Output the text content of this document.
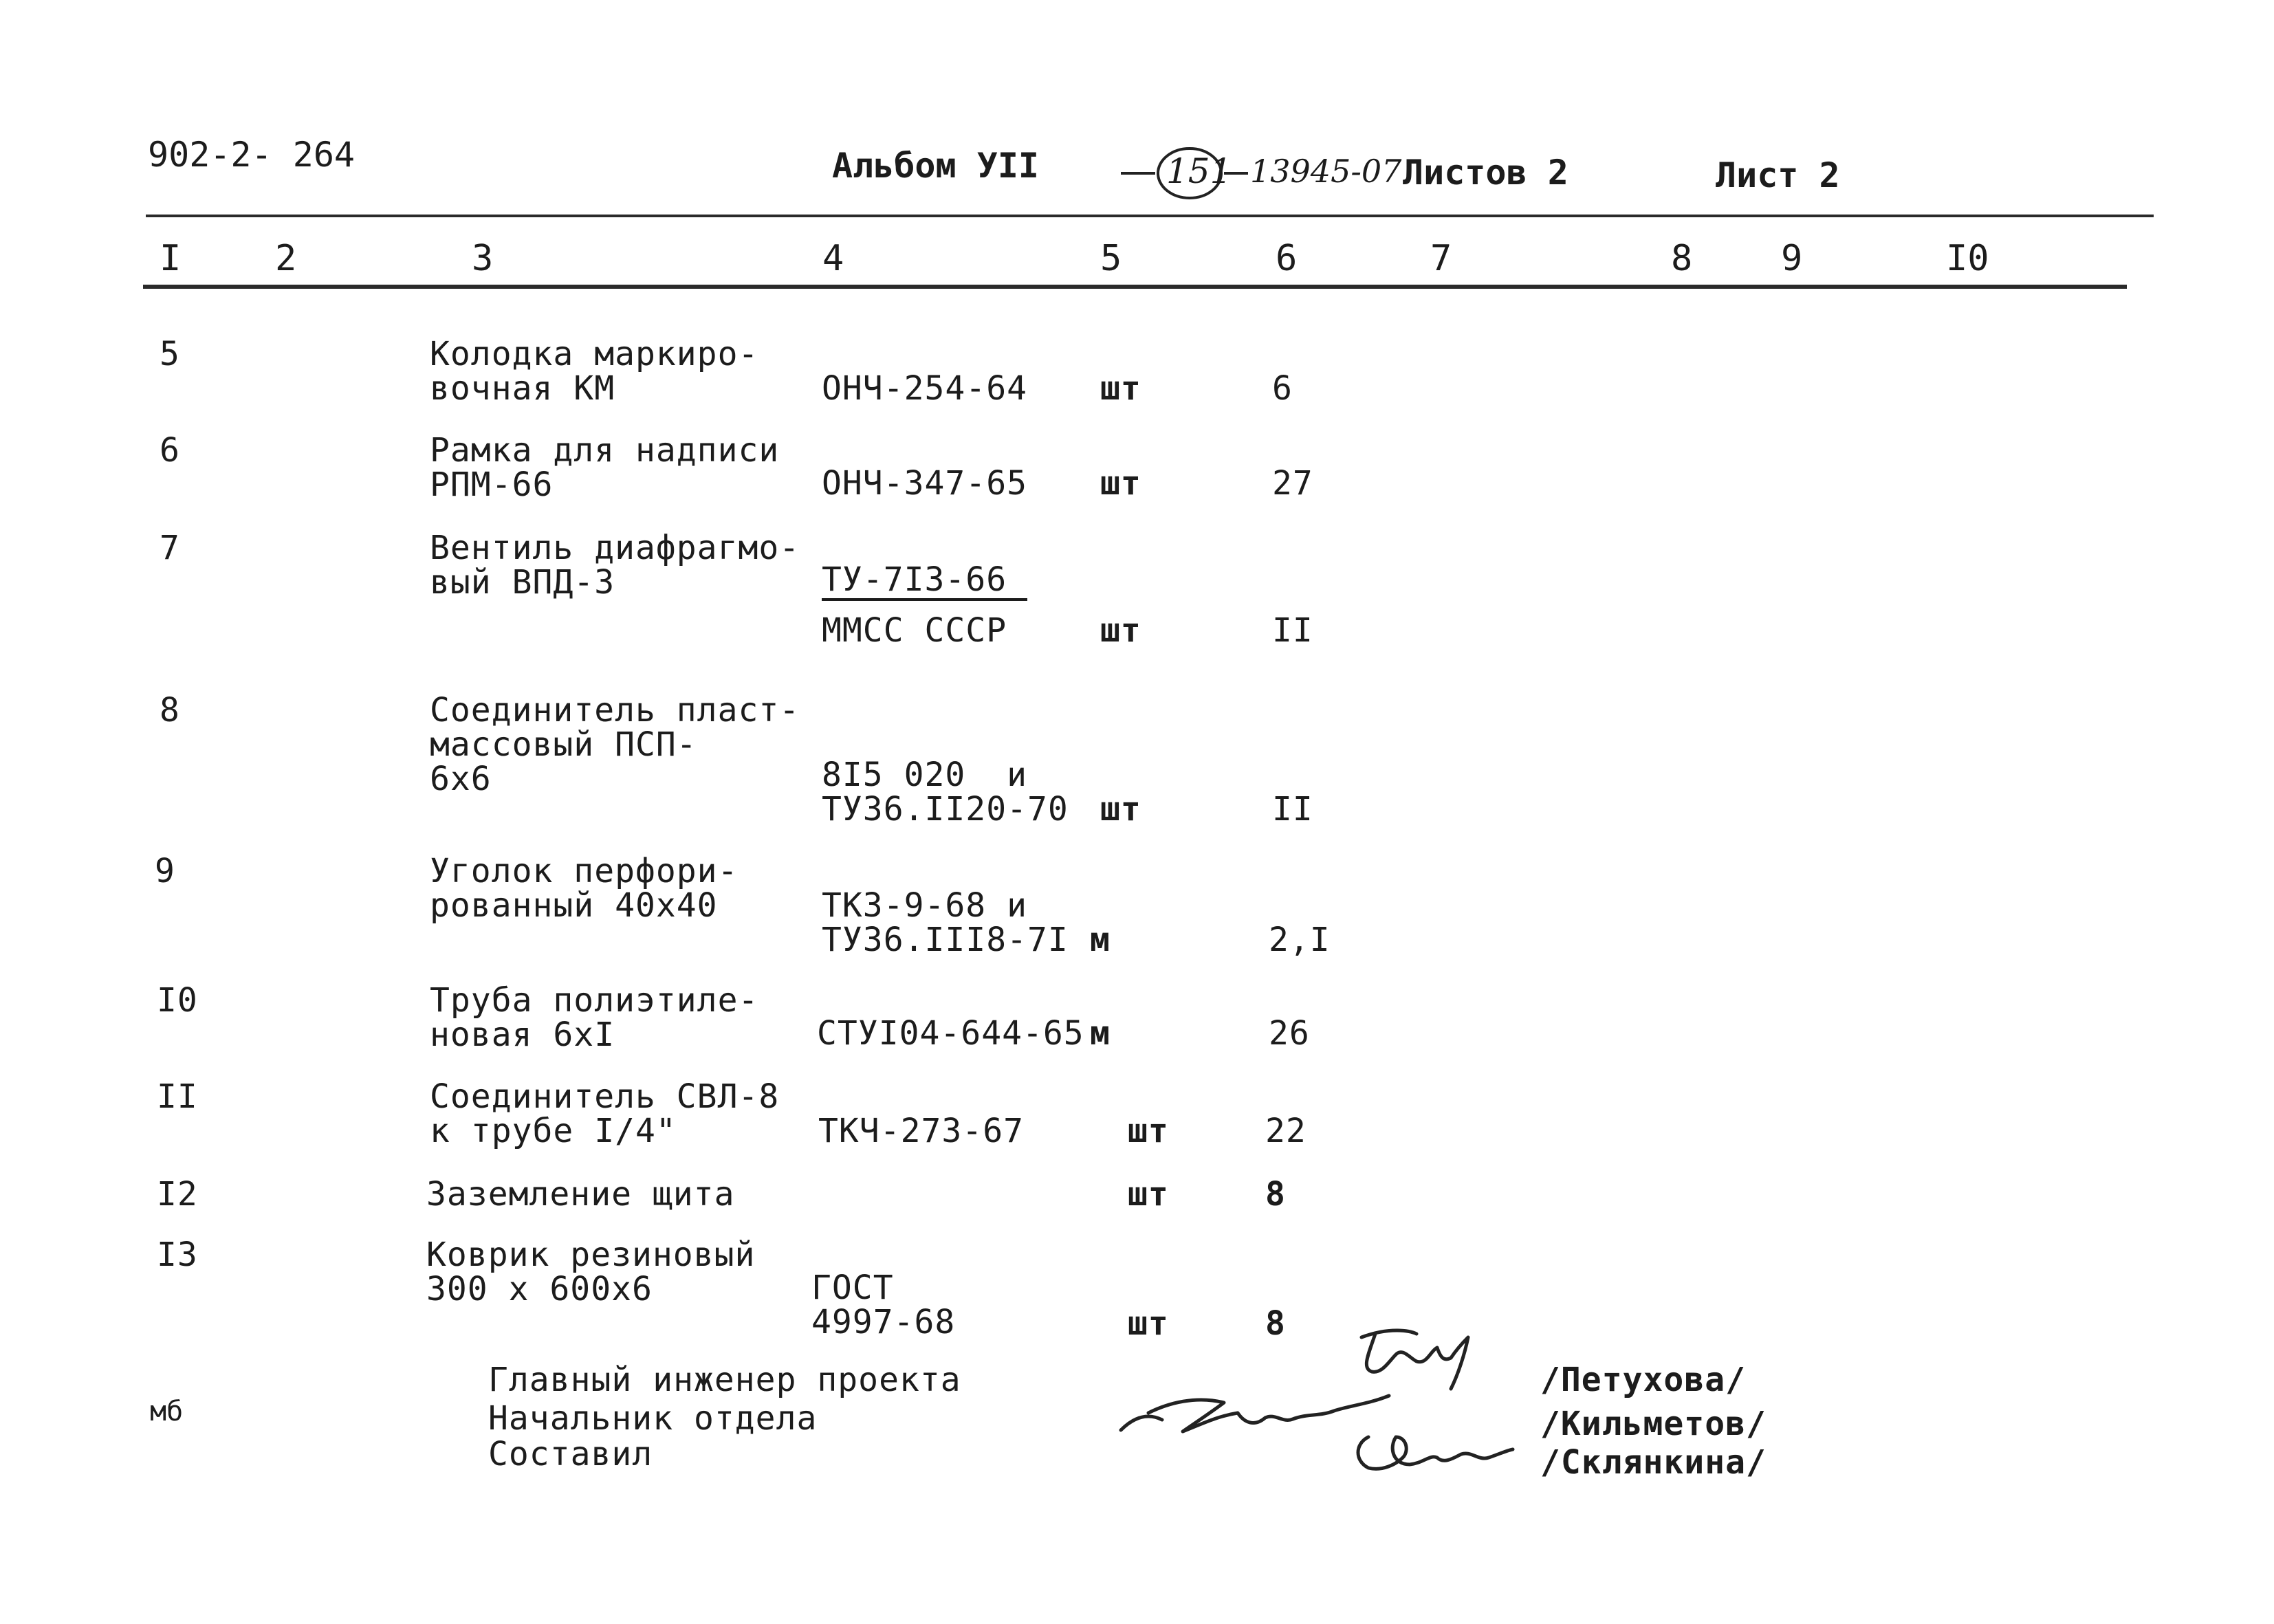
902-2- 264	Альбом УІІ	151 13945-07 Листов 2	Лист 2
I	2	3	4	5	6	7	8 9	I0
5	Колодка маркиро-
вочная КМ	ОНЧ-254-64 шт	6
6	Рамка для надписи
РПМ-66	ОНЧ-347-65 шт	27
7	Вентиль диафрагмо-
вый ВПД-3	ТУ-7I3-66
ММСС СССР	шт	II
8	Соединитель пласт-
массовый ПСП-
6х6	8I5 020  и
ТУ36.II20-70 шт	II
9	Уголок перфори-
рованный 40х40	ТК3-9-68 и
ТУ36.III8-7I м	2,I
I0	Труба полиэтиле-
новая 6хI	СТУI04-644-65 м	26
II	Соединитель СВЛ-8
к трубе I/4"	ТКЧ-273-67	шт	22
I2	Заземление щита	шт	8
I3	Коврик резиновый
300 х 600х6	ГОСТ
4997-68	шт	8
мб
Главный инженер проекта
Начальник отдела
Составил
/Петухова/
/Кильметов/
/Склянкина/
